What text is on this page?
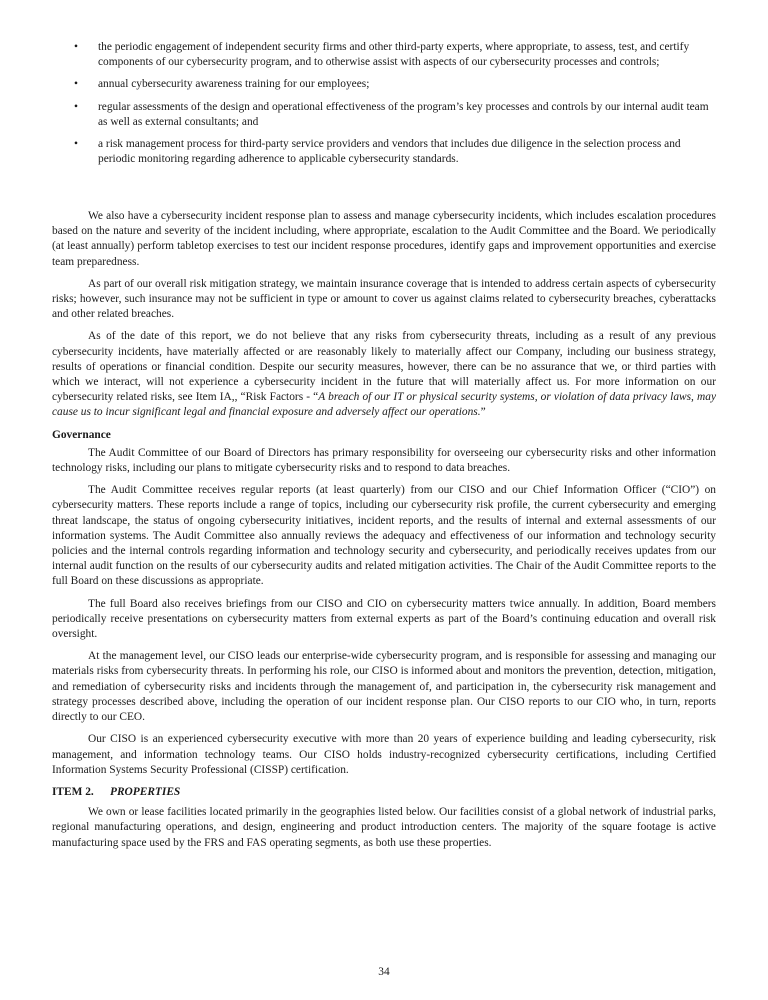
• the periodic engagement of independent security firms and other third-party experts, where appropriate, to assess, test, and certify components of our cybersecurity program, and to otherwise assist with aspects of our cybersecurity processes and controls;
• annual cybersecurity awareness training for our employees;
• regular assessments of the design and operational effectiveness of the program’s key processes and controls by our internal audit team as well as external consultants; and
• a risk management process for third-party service providers and vendors that includes due diligence in the selection process and periodic monitoring regarding adherence to applicable cybersecurity standards.

We also have a cybersecurity incident response plan to assess and manage cybersecurity incidents, which includes escalation procedures based on the nature and severity of the incident including, where appropriate, escalation to the Audit Committee and the Board. We periodically (at least annually) perform tabletop exercises to test our incident response procedures, identify gaps and improvement opportunities and exercise team preparedness.

As part of our overall risk mitigation strategy, we maintain insurance coverage that is intended to address certain aspects of cybersecurity risks; however, such insurance may not be sufficient in type or amount to cover us against claims related to cybersecurity breaches, cyberattacks and other related breaches.

As of the date of this report, we do not believe that any risks from cybersecurity threats, including as a result of any previous cybersecurity incidents, have materially affected or are reasonably likely to materially affect our Company, including our business strategy, results of operations or financial condition. Despite our security measures, however, there can be no assurance that we, or third parties with which we interact, will not experience a cybersecurity incident in the future that will materially affect us. For more information on our cybersecurity related risks, see Item IA,, “Risk Factors - “A breach of our IT or physical security systems, or violation of data privacy laws, may cause us to incur significant legal and financial exposure and adversely affect our operations.”

Governance

The Audit Committee of our Board of Directors has primary responsibility for overseeing our cybersecurity risks and other information technology risks, including our plans to mitigate cybersecurity risks and to respond to data breaches.

The Audit Committee receives regular reports (at least quarterly) from our CISO and our Chief Information Officer (“CIO”) on cybersecurity matters. These reports include a range of topics, including our cybersecurity risk profile, the current cybersecurity and emerging threat landscape, the status of ongoing cybersecurity initiatives, incident reports, and the results of internal and external assessments of our information systems. The Audit Committee also annually reviews the adequacy and effectiveness of our information and technology security policies and the internal controls regarding information and technology security and cybersecurity, and periodically receives updates from our internal audit function on the results of our cybersecurity audits and related mitigation activities. The Chair of the Audit Committee reports to the full Board on these discussions as appropriate.

The full Board also receives briefings from our CISO and CIO on cybersecurity matters twice annually. In addition, Board members periodically receive presentations on cybersecurity matters from external experts as part of the Board’s continuing education and overall risk oversight.

At the management level, our CISO leads our enterprise-wide cybersecurity program, and is responsible for assessing and managing our materials risks from cybersecurity threats. In performing his role, our CISO is informed about and monitors the prevention, detection, mitigation, and remediation of cybersecurity risks and incidents through the management of, and participation in, the cybersecurity risk management and strategy processes described above, including the operation of our incident response plan. Our CISO reports to our CIO who, in turn, reports directly to our CEO.

Our CISO is an experienced cybersecurity executive with more than 20 years of experience building and leading cybersecurity, risk management, and information technology teams. Our CISO holds industry-recognized cybersecurity certifications, including Certified Information Systems Security Professional (CISSP) certification.

ITEM 2. PROPERTIES

We own or lease facilities located primarily in the geographies listed below. Our facilities consist of a global network of industrial parks, regional manufacturing operations, and design, engineering and product introduction centers. The majority of the square footage is active manufacturing space used by the FRS and FAS operating segments, as both use these properties.

34
